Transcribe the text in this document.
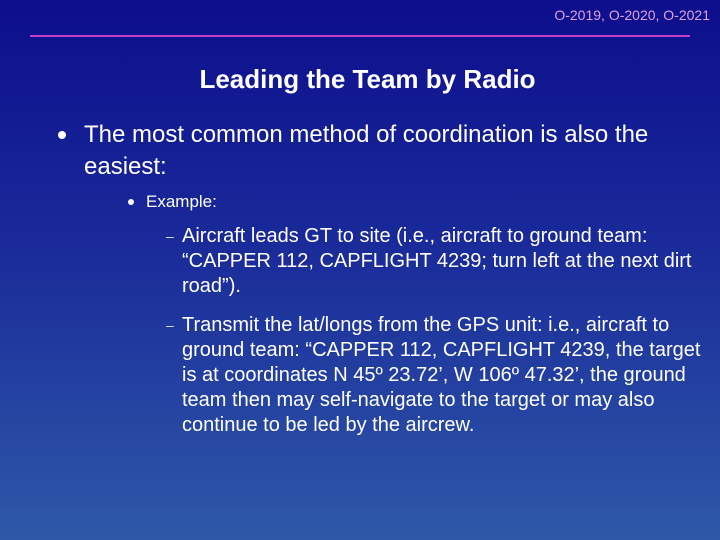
O-2019, O-2020, O-2021
Leading the Team by Radio
The most common method of coordination is also the easiest:
Example:
– Aircraft leads GT to site (i.e., aircraft to ground team: “CAPPER 112, CAPFLIGHT 4239; turn left at the next dirt road”).
– Transmit the lat/longs from the GPS unit: i.e., aircraft to ground team: “CAPPER 112, CAPFLIGHT 4239, the target is at coordinates N 45º 23.72’, W 106º 47.32’, the ground team then may self-navigate to the target or may also continue to be led by the aircrew.
